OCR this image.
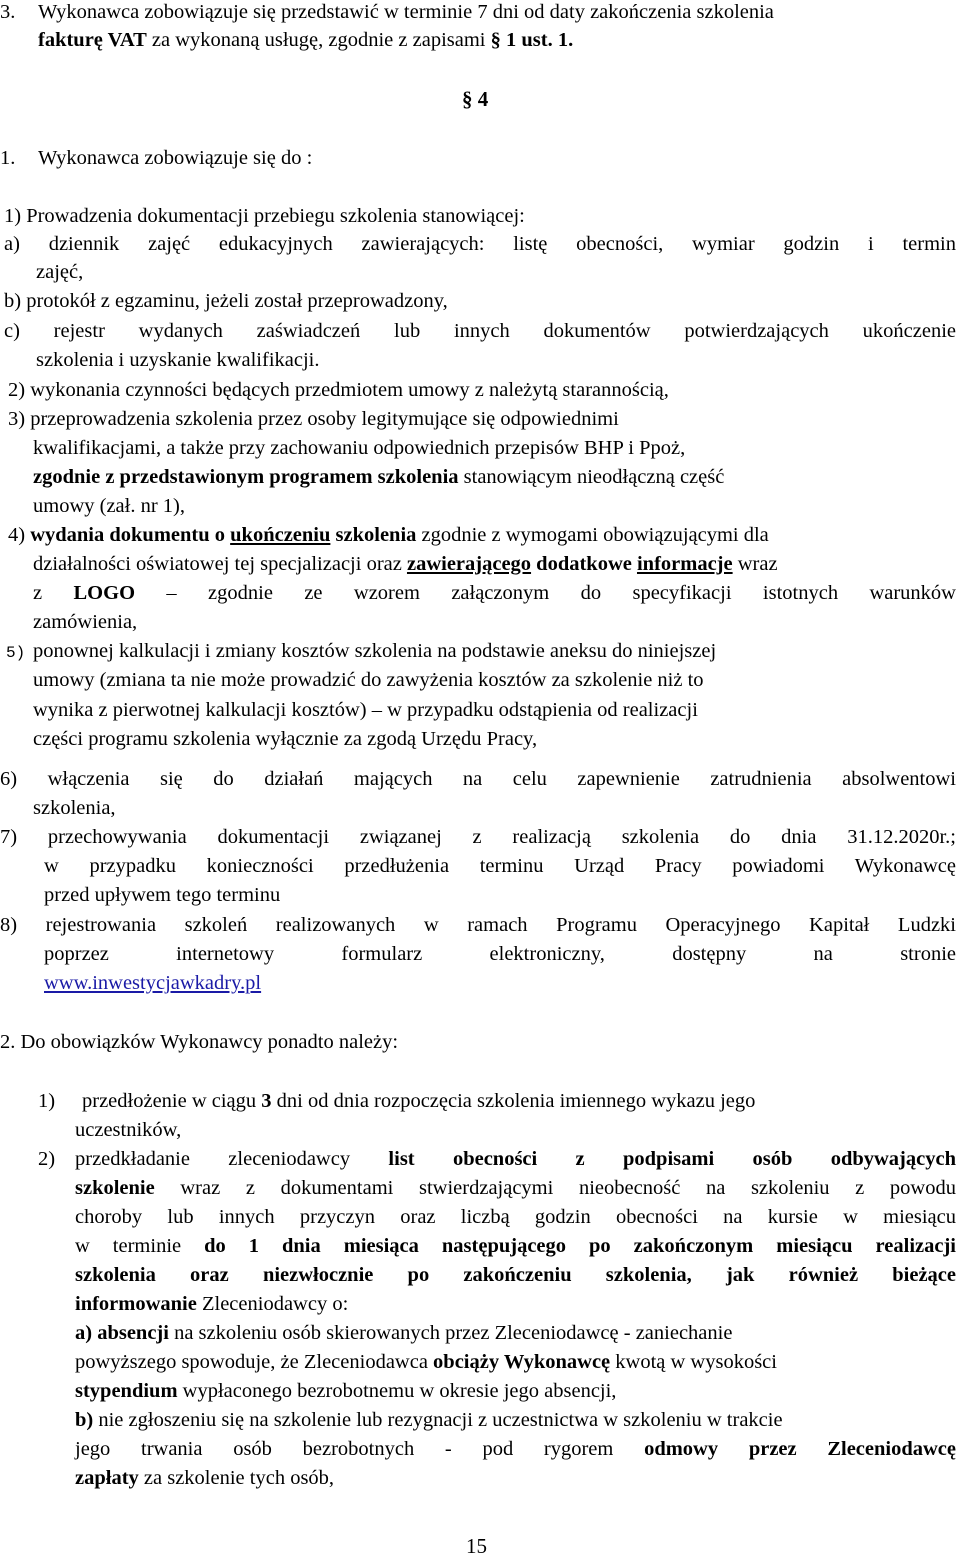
3. Wykonawca zobowiązuje się przedstawić w terminie 7 dni od daty zakończenia szkolenia
fakturę VAT za wykonaną usługę, zgodnie z zapisami § 1 ust. 1.
§ 4
1. Wykonawca zobowiązuje się do :
1) Prowadzenia dokumentacji przebiegu szkolenia stanowiącej:
a) dziennik zajęć edukacyjnych zawierających: listę obecności, wymiar godzin i termin
zajęć,
b) protokół z egzaminu, jeżeli został przeprowadzony,
c) rejestr wydanych zaświadczeń lub innych dokumentów potwierdzających ukończenie
szkolenia i uzyskanie kwalifikacji.
2) wykonania czynności będących przedmiotem umowy z należytą starannością,
3) przeprowadzenia szkolenia przez osoby legitymujące się odpowiednimi
kwalifikacjami, a także przy zachowaniu odpowiednich przepisów BHP i Ppoż,
zgodnie z przedstawionym programem szkolenia stanowiącym nieodłączną część
umowy (zał. nr 1),
4) wydania dokumentu o ukończeniu szkolenia zgodnie z wymogami obowiązującymi dla
działalności oświatowej tej specjalizacji oraz zawierającego dodatkowe informacje wraz
z LOGO – zgodnie ze wzorem załączonym do specyfikacji istotnych warunków
zamówienia,
5) ponownej kalkulacji i zmiany kosztów szkolenia na podstawie aneksu do niniejszej
umowy (zmiana ta nie może prowadzić do zawyżenia kosztów za szkolenie niż to
wynika z pierwotnej kalkulacji kosztów) – w przypadku odstąpienia od realizacji
części programu szkolenia wyłącznie za zgodą Urzędu Pracy,
6) włączenia się do działań mających na celu zapewnienie zatrudnienia absolwentowi
szkolenia,
7) przechowywania dokumentacji związanej z realizacją szkolenia do dnia 31.12.2020r.;
w przypadku konieczności przedłużenia terminu Urząd Pracy powiadomi Wykonawcę
przed upływem tego terminu
8) rejestrowania szkoleń realizowanych w ramach Programu Operacyjnego Kapitał Ludzki
poprzez internetowy formularz elektroniczny, dostępny na stronie
www.inwestycjawkadry.pl
2. Do obowiązków Wykonawcy ponadto należy:
1) przedłożenie w ciągu 3 dni od dnia rozpoczęcia szkolenia imiennego wykazu jego
uczestników,
2) przedkładanie zleceniodawcy list obecności z podpisami osób odbywających
szkolenie wraz z dokumentami stwierdzającymi nieobecność na szkoleniu z powodu
choroby lub innych przyczyn oraz liczbą godzin obecności na kursie w miesiącu
w terminie do 1 dnia miesiąca następującego po zakończonym miesiącu realizacji
szkolenia oraz niezwłocznie po zakończeniu szkolenia, jak również bieżące
informowanie Zleceniodawcy o:
a) absencji na szkoleniu osób skierowanych przez Zleceniodawcę - zaniechanie
powyższego spowoduje, że Zleceniodawca obciąży Wykonawcę kwotą w wysokości
stypendium wypłaconego bezrobotnemu w okresie jego absencji,
b) nie zgłoszeniu się na szkolenie lub rezygnacji z uczestnictwa w szkoleniu w trakcie
jego trwania osób bezrobotnych - pod rygorem odmowy przez Zleceniodawcę
zapłaty za szkolenie tych osób,
15
